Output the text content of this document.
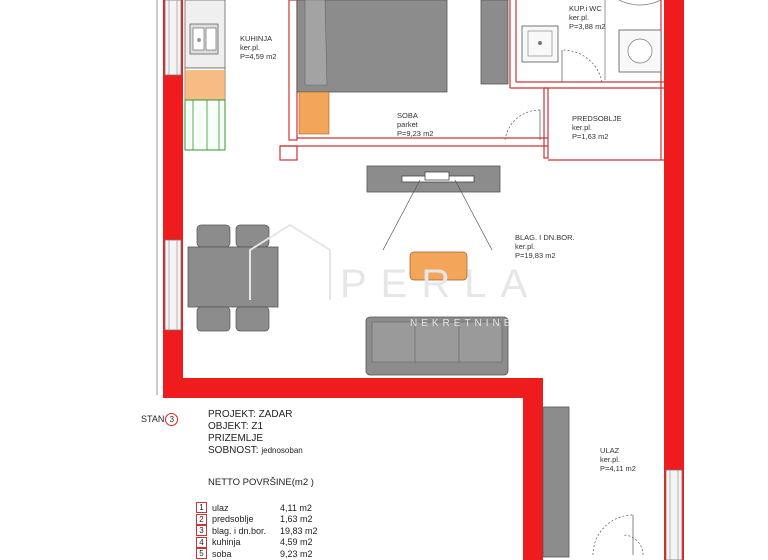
PERLA
NEKRETNINE
KUHINJA
ker.pl.
P=4,59 m2
KUP.i WC
ker.pl.
P=3,88 m2
SOBA
parket
P=9,23 m2
PREDSOBLJE
ker.pl.
P=1,63 m2
BLAG. I DN.BOR.
ker.pl.
P=19,83 m2
ULAZ
ker.pl.
P=4,11 m2
STAN 3	PROJEKT: ZADAR
OBJEKT: Z1
PRIZEMLJE
SOBNOST: jednosoban
NETTO POVRŠINE(m2 )
1 ulaz	4,11 m2
2 predsoblje	1,63 m2
3 blag. i dn.bor.	19,83 m2
4 kuhinja	4,59 m2
5 soba	9,23 m2
